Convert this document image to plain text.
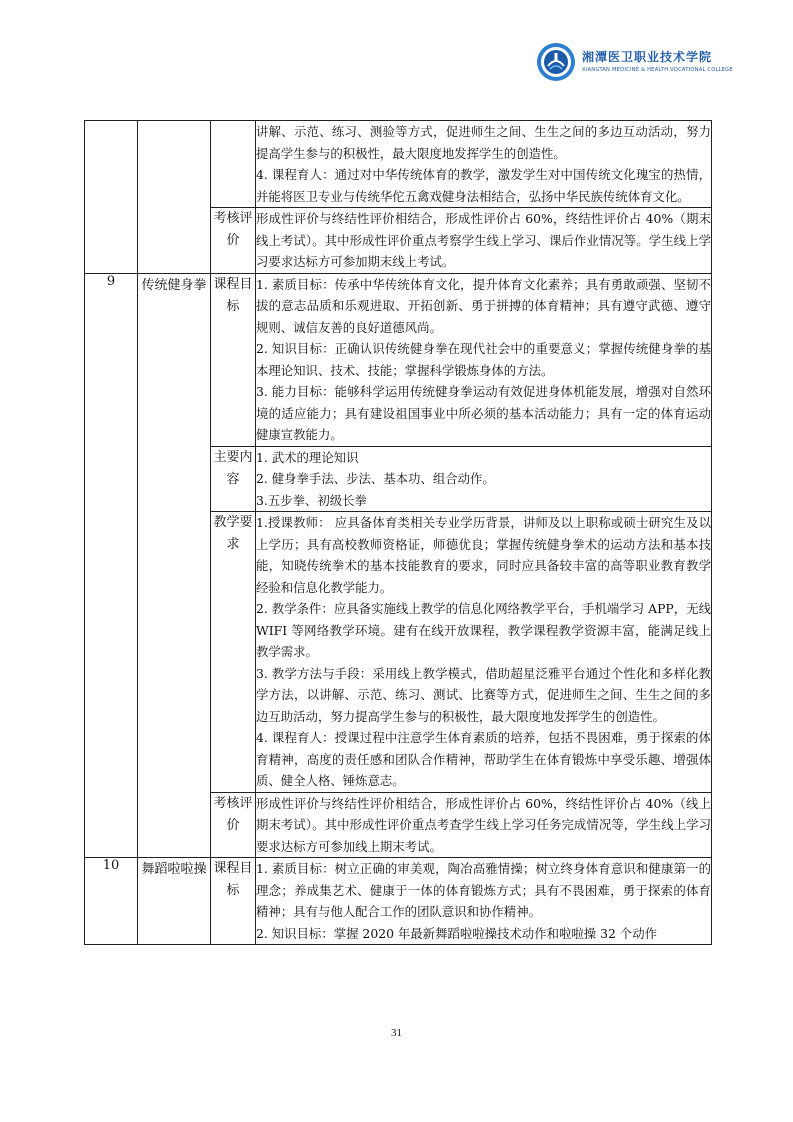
湘潭医卫职业技术学院
XIANGTAN MEDICINE & HEALTH VOCATIONAL COLLEGE

			讲解、示范、练习、测验等方式，促进师生之间、生生之间的多边互动活动，努力提高学生参与的积极性，最大限度地发挥学生的创造性。

4. 课程育人：通过对中华传统体育的教学，激发学生对中国传统文化瑰宝的热情，并能将医卫专业与传统华佗五禽戏健身法相结合，弘扬中华民族传统体育文化。

		考核评价	形成性评价与终结性评价相结合，形成性评价占 60%，终结性评价占 40%（期末线上考试）。其中形成性评价重点考察学生线上学习、课后作业情况等。学生线上学习要求达标方可参加期末线上考试。

9	传统健身拳	课程目标	1. 素质目标：传承中华传统体育文化，提升体育文化素养；具有勇敢顽强、坚韧不拔的意志品质和乐观进取、开拓创新、勇于拼搏的体育精神；具有遵守武德、遵守规则、诚信友善的良好道德风尚。

2. 知识目标：正确认识传统健身拳在现代社会中的重要意义；掌握传统健身拳的基本理论知识、技术、技能；掌握科学锻炼身体的方法。

3. 能力目标：能够科学运用传统健身拳运动有效促进身体机能发展，增强对自然环境的适应能力；具有建设祖国事业中所必须的基本活动能力；具有一定的体育运动健康宣教能力。

		主要内容	1. 武术的理论知识

2. 健身拳手法、步法、基本功、组合动作。

3.五步拳、初级长拳

		教学要求	1.授课教师： 应具备体育类相关专业学历背景，讲师及以上职称或硕士研究生及以上学历；具有高校教师资格证，师德优良；掌握传统健身拳术的运动方法和基本技能，知晓传统拳术的基本技能教育的要求，同时应具备较丰富的高等职业教育教学经验和信息化教学能力。

2. 教学条件：应具备实施线上教学的信息化网络教学平台，手机端学习 APP，无线 WIFI 等网络教学环境。建有在线开放课程，教学课程教学资源丰富，能满足线上教学需求。

3. 教学方法与手段：采用线上教学模式，借助超星泛雅平台通过个性化和多样化教学方法，以讲解、示范、练习、测试、比赛等方式，促进师生之间、生生之间的多边互助活动，努力提高学生参与的积极性，最大限度地发挥学生的创造性。

4. 课程育人：授课过程中注意学生体育素质的培养，包括不畏困难，勇于探索的体育精神，高度的责任感和团队合作精神，帮助学生在体育锻炼中享受乐趣、增强体质、健全人格、锤炼意志。

		考核评价	形成性评价与终结性评价相结合，形成性评价占 60%，终结性评价占 40%（线上期末考试）。其中形成性评价重点考查学生线上学习任务完成情况等，学生线上学习要求达标方可参加线上期末考试。

10	舞蹈啦啦操	课程目标	1. 素质目标：树立正确的审美观，陶冶高雅情操；树立终身体育意识和健康第一的理念；养成集艺术、健康于一体的体育锻炼方式；具有不畏困难，勇于探索的体育精神；具有与他人配合工作的团队意识和协作精神。

2. 知识目标：掌握 2020 年最新舞蹈啦啦操技术动作和啦啦操 32 个动作

31
